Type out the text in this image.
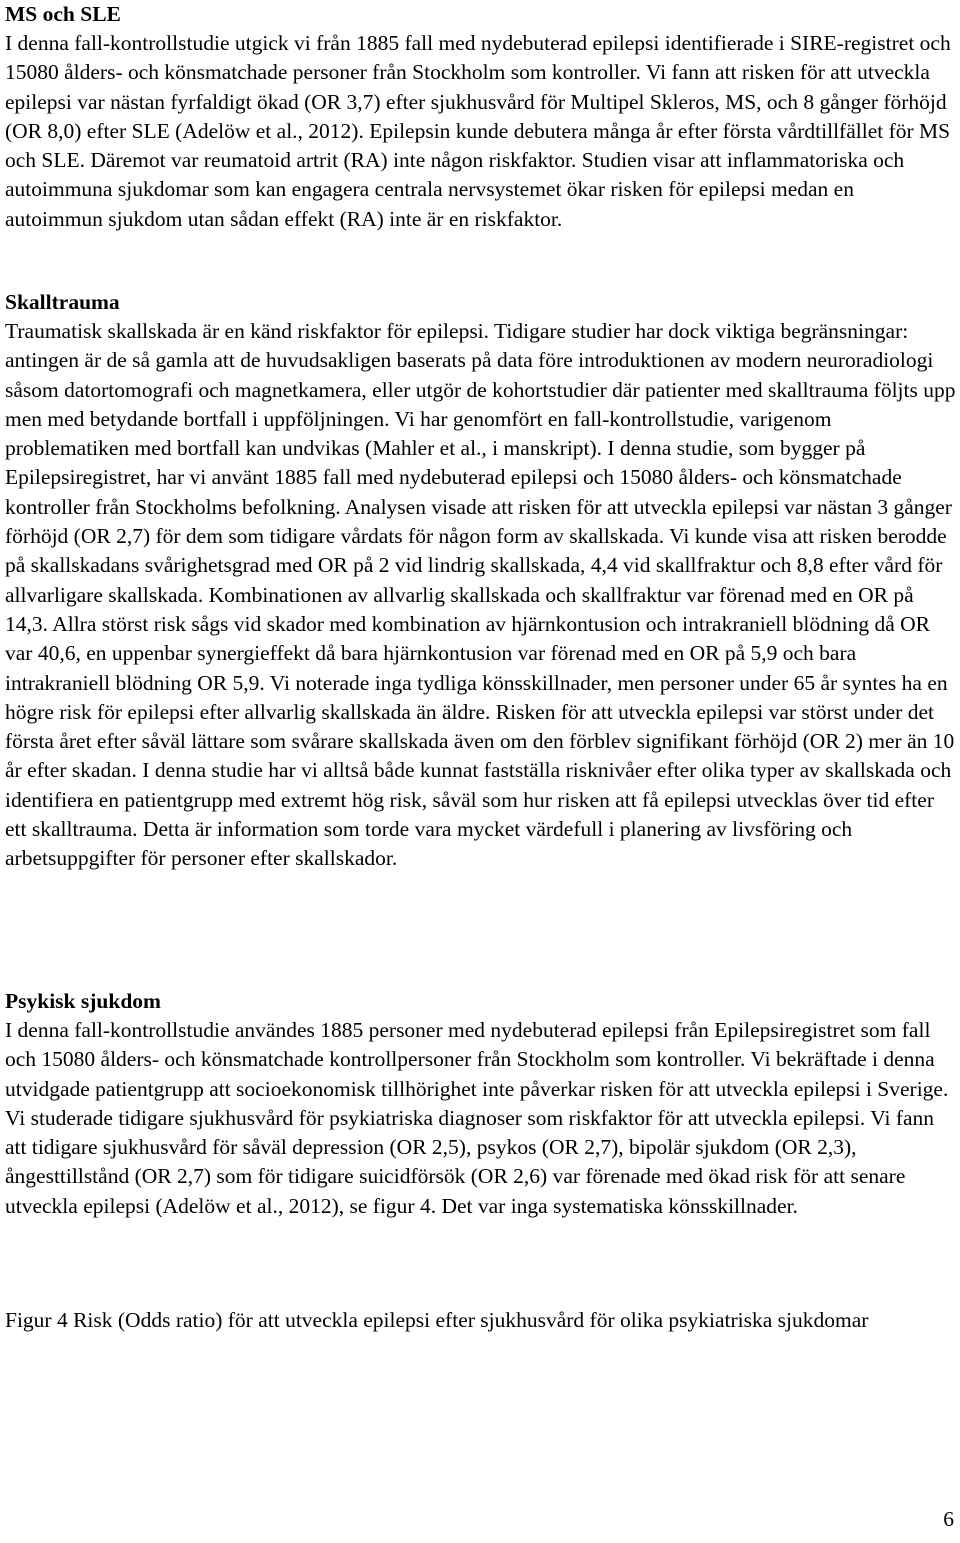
MS och SLE

I denna fall-kontrollstudie utgick vi från 1885 fall med nydebuterad epilepsi identifierade i SIRE-registret och 15080 ålders- och könsmatchade personer från Stockholm som kontroller. Vi fann att risken för att utveckla epilepsi var nästan fyrfaldigt ökad (OR 3,7) efter sjukhusvård för Multipel Skleros, MS, och 8 gånger förhöjd (OR 8,0) efter SLE (Adelöw et al., 2012). Epilepsin kunde debutera många år efter första vårdtillfället för MS och SLE. Däremot var reumatoid artrit (RA) inte någon riskfaktor. Studien visar att inflammatoriska och autoimmuna sjukdomar som kan engagera centrala nervsystemet ökar risken för epilepsi medan en autoimmun sjukdom utan sådan effekt (RA) inte är en riskfaktor.

Skalltrauma

Traumatisk skallskada är en känd riskfaktor för epilepsi. Tidigare studier har dock viktiga begränsningar: antingen är de så gamla att de huvudsakligen baserats på data före introduktionen av modern neuroradiologi såsom datortomografi och magnetkamera, eller utgör de kohortstudier där patienter med skalltrauma följts upp men med betydande bortfall i uppföljningen. Vi har genomfört en fall-kontrollstudie, varigenom problematiken med bortfall kan undvikas (Mahler et al., i manskript). I denna studie, som bygger på Epilepsiregistret, har vi använt 1885 fall med nydebuterad epilepsi och 15080 ålders- och könsmatchade kontroller från Stockholms befolkning. Analysen visade att risken för att utveckla epilepsi var nästan 3 gånger förhöjd (OR 2,7) för dem som tidigare vårdats för någon form av skallskada. Vi kunde visa att risken berodde på skallskadans svårighetsgrad med OR på 2 vid lindrig skallskada, 4,4 vid skallfraktur och 8,8 efter vård för allvarligare skallskada. Kombinationen av allvarlig skallskada och skallfraktur var förenad med en OR på 14,3. Allra störst risk sågs vid skador med kombination av hjärnkontusion och intrakraniell blödning då OR var 40,6, en uppenbar synergieffekt då bara hjärnkontusion var förenad med en OR på 5,9 och bara intrakraniell blödning OR 5,9. Vi noterade inga tydliga könsskillnader, men personer under 65 år syntes ha en högre risk för epilepsi efter allvarlig skallskada än äldre. Risken för att utveckla epilepsi var störst under det första året efter såväl lättare som svårare skallskada även om den förblev signifikant förhöjd (OR 2) mer än 10 år efter skadan. I denna studie har vi alltså både kunnat fastställa risknivåer efter olika typer av skallskada och identifiera en patientgrupp med extremt hög risk, såväl som hur risken att få epilepsi utvecklas över tid efter ett skalltrauma. Detta är information som torde vara mycket värdefull i planering av livsföring och arbetsuppgifter för personer efter skallskador.

Psykisk sjukdom

I denna fall-kontrollstudie användes 1885 personer med nydebuterad epilepsi från Epilepsiregistret som fall och 15080 ålders- och könsmatchade kontrollpersoner från Stockholm som kontroller. Vi bekräftade i denna utvidgade patientgrupp att socioekonomisk tillhörighet inte påverkar risken för att utveckla epilepsi i Sverige.

Vi studerade tidigare sjukhusvård för psykiatriska diagnoser som riskfaktor för att utveckla epilepsi. Vi fann att tidigare sjukhusvård för såväl depression (OR 2,5), psykos (OR 2,7), bipolär sjukdom (OR 2,3), ångesttillstånd (OR 2,7) som för tidigare suicidförsök (OR 2,6) var förenade med ökad risk för att senare utveckla epilepsi (Adelöw et al., 2012), se figur 4. Det var inga systematiska könsskillnader.

Figur 4 Risk (Odds ratio) för att utveckla epilepsi efter sjukhusvård för olika psykiatriska sjukdomar

6
